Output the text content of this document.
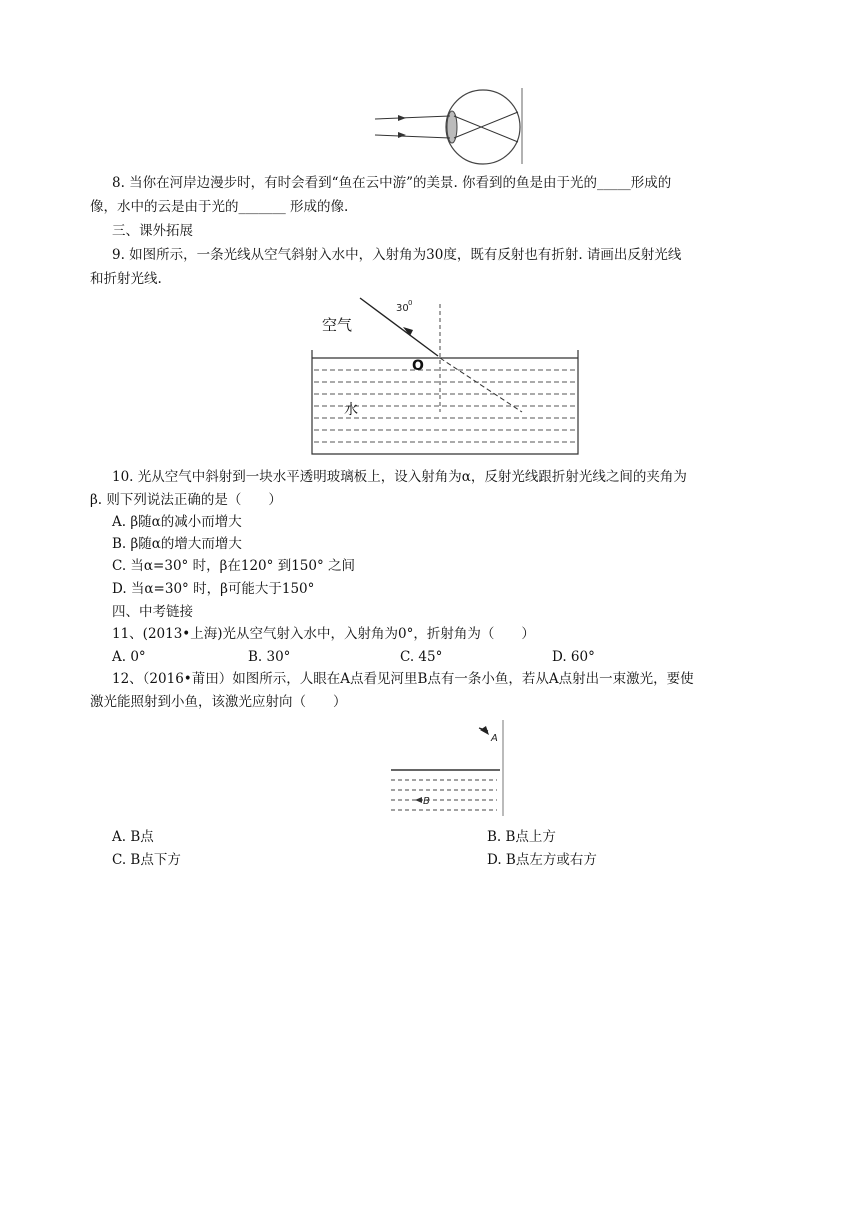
8. 当你在河岸边漫步时，有时会看到“鱼在云中游”的美景. 你看到的鱼是由于光的_____形成的
像，水中的云是由于光的_______ 形成的像.
三、课外拓展
9. 如图所示，一条光线从空气斜射入水中，入射角为30度，既有反射也有折射. 请画出反射光线
和折射光线.
空气
O
水
30 0
10. 光从空气中斜射到一块水平透明玻璃板上，设入射角为α，反射光线跟折射光线之间的夹角为
β. 则下列说法正确的是（　　）
A. β随α的减小而增大
B. β随α的增大而增大
C. 当α=30° 时，β在120° 到150° 之间
D. 当α=30° 时，β可能大于150°
四、中考链接
11、(2013•上海)光从空气射入水中，入射角为0°，折射角为（　　）
A. 0°	B. 30°	C. 45°	D. 60°
12、（2016•莆田）如图所示，人眼在A点看见河里B点有一条小鱼，若从A点射出一束激光，要使
激光能照射到小鱼，该激光应射向（　　）
A
B
A. B点	B. B点上方
C. B点下方	D. B点左方或右方
